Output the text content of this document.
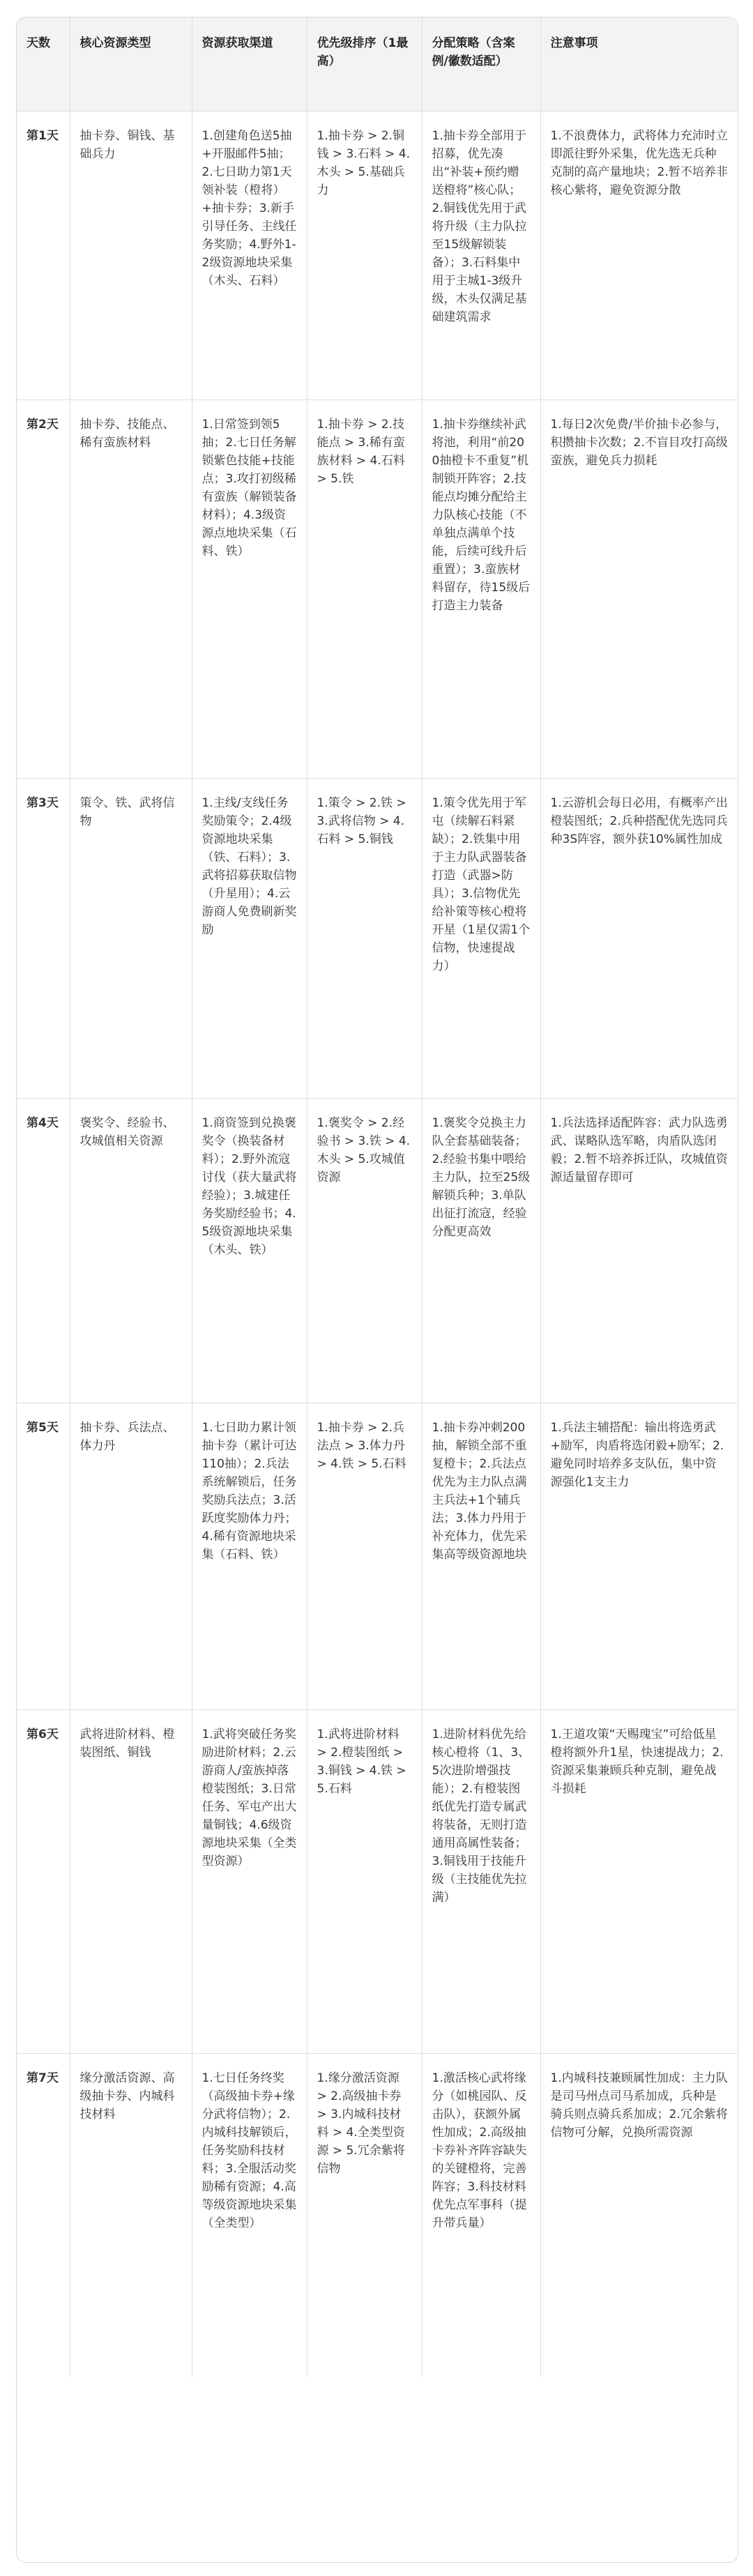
天数	核心资源类型	资源获取渠道	优先级排序（1最高）	分配策略（含案例/徽数适配）	注意事项
第1天	抽卡券、铜钱、基础兵力	1.创建角色送5抽+开服邮件5抽；2.七日助力第1天领补装（橙将）+抽卡券；3.新手引导任务、主线任务奖励；4.野外1-2级资源地块采集（木头、石料）	1.抽卡券 > 2.铜钱 > 3.石料 > 4.木头 > 5.基础兵力	1.抽卡券全部用于招募，优先凑出“补装+预约赠送橙将”核心队；2.铜钱优先用于武将升级（主力队拉至15级解锁装备）；3.石料集中用于主城1-3级升级，木头仅满足基础建筑需求	1.不浪费体力，武将体力充沛时立即派往野外采集，优先选无兵种克制的高产量地块；2.暂不培养非核心紫将，避免资源分散
第2天	抽卡券、技能点、稀有蛮族材料	1.日常签到领5抽；2.七日任务解锁紫色技能+技能点；3.攻打初级稀有蛮族（解锁装备材料）；4.3级资源点地块采集（石料、铁）	1.抽卡券 > 2.技能点 > 3.稀有蛮族材料 > 4.石料 > 5.铁	1.抽卡券继续补武将池，利用“前200抽橙卡不重复”机制锁开阵容；2.技能点均摊分配给主力队核心技能（不单独点满单个技能，后续可线升后重置）；3.蛮族材料留存，待15级后打造主力装备	1.每日2次免费/半价抽卡必参与，积攒抽卡次数；2.不盲目攻打高级蛮族，避免兵力损耗
第3天	策令、铁、武将信物	1.主线/支线任务奖励策令；2.4级资源地块采集（铁、石料）；3.武将招募获取信物（升星用）；4.云游商人免费刷新奖励	1.策令 > 2.铁 > 3.武将信物 > 4.石料 > 5.铜钱	1.策令优先用于军屯（续解石料紧缺）；2.铁集中用于主力队武器装备打造（武器>防具）；3.信物优先给补策等核心橙将开星（1星仅需1个信物，快速提战力）	1.云游机会每日必用，有概率产出橙装图纸；2.兵种搭配优先选同兵种3S阵容，额外获10%属性加成
第4天	褒奖令、经验书、攻城值相关资源	1.商资签到兑换褒奖令（换装备材料）；2.野外流寇讨伐（获大量武将经验）；3.城建任务奖励经验书；4.5级资源地块采集（木头、铁）	1.褒奖令 > 2.经验书 > 3.铁 > 4.木头 > 5.攻城值资源	1.褒奖令兑换主力队全套基础装备；2.经验书集中喂给主力队，拉至25级解锁兵种；3.单队出征打流寇，经验分配更高效	1.兵法选择适配阵容：武力队选勇武、谋略队选军略，肉盾队选闭毅；2.暂不培养拆迁队，攻城值资源适量留存即可
第5天	抽卡券、兵法点、体力丹	1.七日助力累计领抽卡券（累计可达110抽）；2.兵法系统解锁后，任务奖励兵法点；3.活跃度奖励体力丹；4.稀有资源地块采集（石料、铁）	1.抽卡券 > 2.兵法点 > 3.体力丹 > 4.铁 > 5.石料	1.抽卡券冲刺200抽，解锁全部不重复橙卡；2.兵法点优先为主力队点满主兵法+1个辅兵法；3.体力丹用于补充体力，优先采集高等级资源地块	1.兵法主辅搭配：输出将选勇武+励军，肉盾将选闭毅+励军；2.避免同时培养多支队伍，集中资源强化1支主力
第6天	武将进阶材料、橙装图纸、铜钱	1.武将突破任务奖励进阶材料；2.云游商人/蛮族掉落橙装图纸；3.日常任务、军屯产出大量铜钱；4.6级资源地块采集（全类型资源）	1.武将进阶材料 > 2.橙装图纸 > 3.铜钱 > 4.铁 > 5.石料	1.进阶材料优先给核心橙将（1、3、5次进阶增强技能）；2.有橙装图纸优先打造专属武将装备，无则打造通用高属性装备；3.铜钱用于技能升级（主技能优先拉满）	1.王道攻策“天赐瑰宝”可给低星橙将额外升1星，快速提战力；2.资源采集兼顾兵种克制，避免战斗损耗
第7天	缘分激活资源、高级抽卡券、内城科技材料	1.七日任务终奖（高级抽卡券+缘分武将信物）；2.内城科技解锁后，任务奖励科技材料；3.全服活动奖励稀有资源；4.高等级资源地块采集（全类型）	1.缘分激活资源 > 2.高级抽卡券 > 3.内城科技材料 > 4.全类型资源 > 5.冗余紫将信物	1.激活核心武将缘分（如桃园队、反击队），获额外属性加成；2.高级抽卡券补齐阵容缺失的关键橙将，完善阵容；3.科技材料优先点军事科（提升带兵量）	1.内城科技兼顾属性加成：主力队是司马州点司马系加成，兵种是骑兵则点骑兵系加成；2.冗余紫将信物可分解，兑换所需资源
